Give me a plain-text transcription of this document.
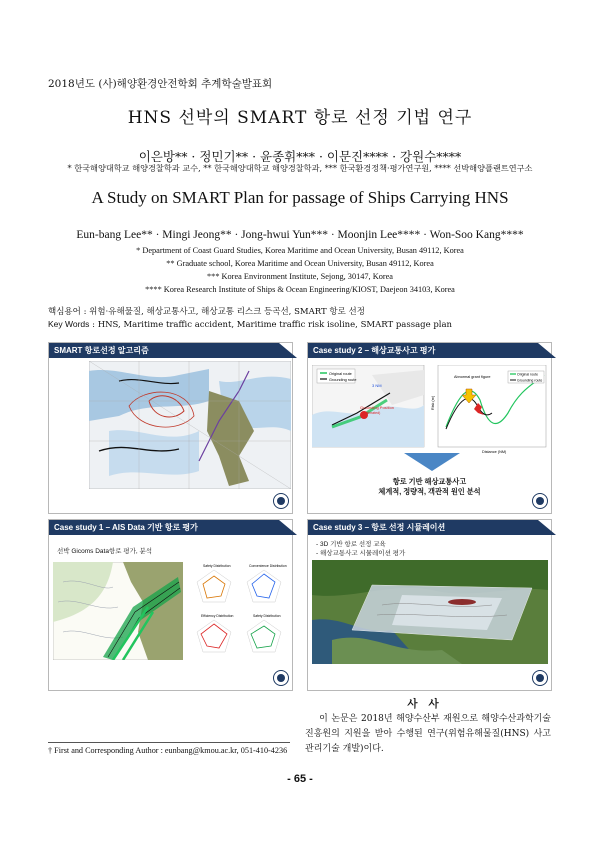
2018년도 (사)해양환경안전학회 추계학술발표회
HNS 선박의 SMART 항로 선정 기법 연구
이은방** · 정민기** · 윤종휘*** · 이문진**** · 강원수****
* 한국해양대학교 해양경찰학과 교수, ** 한국해양대학교 해양경찰학과, *** 한국환경정책·평가연구원, **** 선박해양플랜트연구소
A Study on SMART Plan for passage of Ships Carrying HNS
Eun-bang Lee** · Mingi Jeong** · Jong-hwui Yun*** · Moonjin Lee**** · Won-Soo Kang****
* Department of Coast Guard Studies, Korea Maritime and Ocean University, Busan 49112, Korea
** Graduate school, Korea Maritime and Ocean University, Busan 49112, Korea
*** Korea Environment Institute, Sejong, 30147, Korea
**** Korea Research Institute of Ships & Ocean Engineering/KIOST, Daejeon 34103, Korea
핵심용어 : 위험·유해물질, 해상교통사고, 해상교통 리스크 등곡선, SMART 항로 선정
Key Words : HNS, Maritime traffic accident, Maritime traffic risk isoline, SMART passage plan
SMART 항로선정 알고리즘	Case study 2 – 해상교통사고 평가
Original route
Grounding route
Grounding Position
(Estimated)
3 NM
Original route
Grounding route
Abnormal grant figure
Distance (NM)
Risk (m)
항로 기반 해상교통사고
체계적, 정량적, 객관적 원인 분석
Case study 1 – AIS Data 기반 항로 평가
선박 Gicoms Data항로 평가, 분석
Safety Distribution	Convenience Distribution
Efficiency Distribution	Safety Distribution
Case study 3 – 항로 선정 시뮬레이션
- 3D 기반 항로 선정 교육
- 해상교통사고 시뮬레이션 평가
사 사
이 논문은 2018년 해양수산부 재원으로 해양수산과학기술진흥원의 지원을 받아 수행된 연구(위험유해물질(HNS) 사고 관리기술 개발)이다.
† First and Corresponding Author : eunbang@kmou.ac.kr, 051-410-4236
- 65 -
